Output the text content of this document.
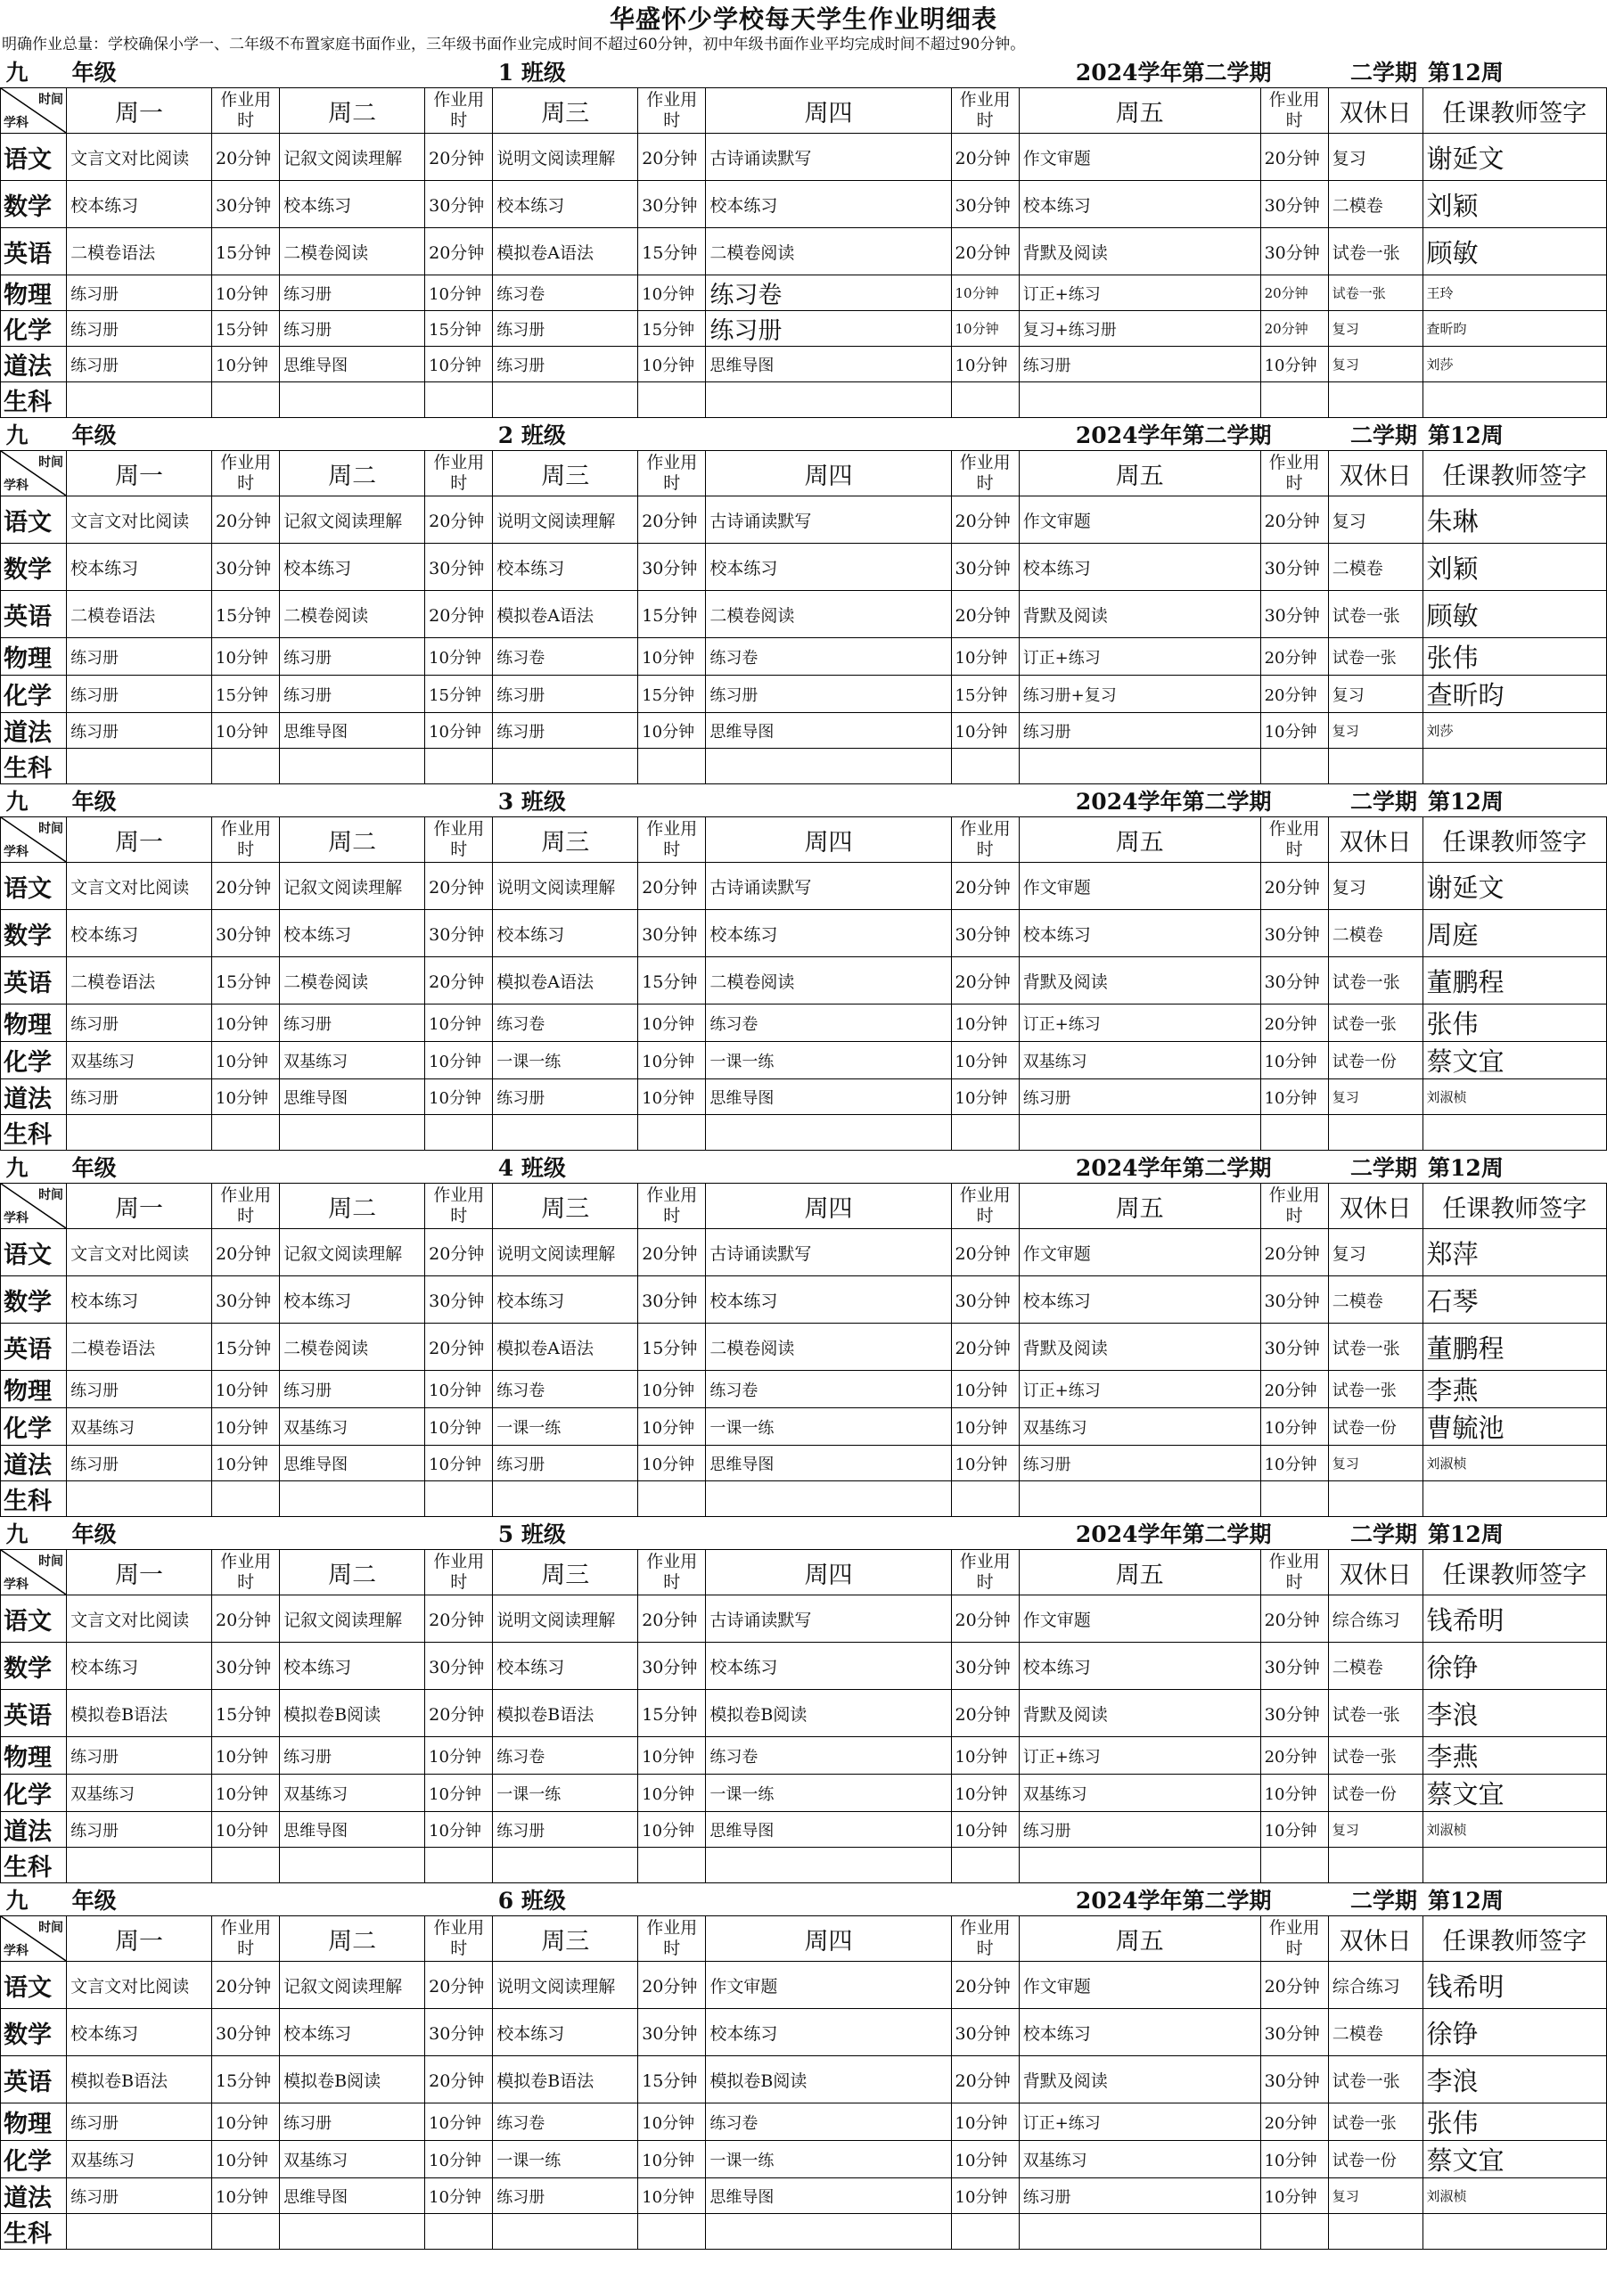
华盛怀少学校每天学生作业明细表
明确作业总量：学校确保小学一、二年级不布置家庭书面作业，三年级书面作业完成时间不超过60分钟，初中年级书面作业平均完成时间不超过90分钟。
九	年级				1 班级				2024学年第二学期		二学期	第12周

时间
学科	周一	作业用时	周二	作业用时	周三	作业用时	周四	作业用时	周五	作业用时	双休日	任课教师签字
语文	文言文对比阅读	20分钟	记叙文阅读理解	20分钟	说明文阅读理解	20分钟	古诗诵读默写	20分钟	作文审题	20分钟	复习	谢延文
数学	校本练习	30分钟	校本练习	30分钟	校本练习	30分钟	校本练习	30分钟	校本练习	30分钟	二模卷	刘颖
英语	二模卷语法	15分钟	二模卷阅读	20分钟	模拟卷A语法	15分钟	二模卷阅读	20分钟	背默及阅读	30分钟	试卷一张	顾敏
物理	练习册	10分钟	练习册	10分钟	练习卷	10分钟	练习卷	10分钟	订正+练习	20分钟	试卷一张	王玲
化学	练习册	15分钟	练习册	15分钟	练习册	15分钟	练习册	10分钟	复习+练习册	20分钟	复习	查昕昀
道法	练习册	10分钟	思维导图	10分钟	练习册	10分钟	思维导图	10分钟	练习册	10分钟	复习	刘莎
生科												
九	年级				2 班级				2024学年第二学期		二学期	第12周

时间
学科	周一	作业用时	周二	作业用时	周三	作业用时	周四	作业用时	周五	作业用时	双休日	任课教师签字
语文	文言文对比阅读	20分钟	记叙文阅读理解	20分钟	说明文阅读理解	20分钟	古诗诵读默写	20分钟	作文审题	20分钟	复习	朱琳
数学	校本练习	30分钟	校本练习	30分钟	校本练习	30分钟	校本练习	30分钟	校本练习	30分钟	二模卷	刘颖
英语	二模卷语法	15分钟	二模卷阅读	20分钟	模拟卷A语法	15分钟	二模卷阅读	20分钟	背默及阅读	30分钟	试卷一张	顾敏
物理	练习册	10分钟	练习册	10分钟	练习卷	10分钟	练习卷	10分钟	订正+练习	20分钟	试卷一张	张伟
化学	练习册	15分钟	练习册	15分钟	练习册	15分钟	练习册	15分钟	练习册+复习	20分钟	复习	查昕昀
道法	练习册	10分钟	思维导图	10分钟	练习册	10分钟	思维导图	10分钟	练习册	10分钟	复习	刘莎
生科												
九	年级				3 班级				2024学年第二学期		二学期	第12周

时间
学科	周一	作业用时	周二	作业用时	周三	作业用时	周四	作业用时	周五	作业用时	双休日	任课教师签字
语文	文言文对比阅读	20分钟	记叙文阅读理解	20分钟	说明文阅读理解	20分钟	古诗诵读默写	20分钟	作文审题	20分钟	复习	谢延文
数学	校本练习	30分钟	校本练习	30分钟	校本练习	30分钟	校本练习	30分钟	校本练习	30分钟	二模卷	周庭
英语	二模卷语法	15分钟	二模卷阅读	20分钟	模拟卷A语法	15分钟	二模卷阅读	20分钟	背默及阅读	30分钟	试卷一张	董鹏程
物理	练习册	10分钟	练习册	10分钟	练习卷	10分钟	练习卷	10分钟	订正+练习	20分钟	试卷一张	张伟
化学	双基练习	10分钟	双基练习	10分钟	一课一练	10分钟	一课一练	10分钟	双基练习	10分钟	试卷一份	蔡文宜
道法	练习册	10分钟	思维导图	10分钟	练习册	10分钟	思维导图	10分钟	练习册	10分钟	复习	刘淑桢
生科												
九	年级				4 班级				2024学年第二学期		二学期	第12周

时间
学科	周一	作业用时	周二	作业用时	周三	作业用时	周四	作业用时	周五	作业用时	双休日	任课教师签字
语文	文言文对比阅读	20分钟	记叙文阅读理解	20分钟	说明文阅读理解	20分钟	古诗诵读默写	20分钟	作文审题	20分钟	复习	郑萍
数学	校本练习	30分钟	校本练习	30分钟	校本练习	30分钟	校本练习	30分钟	校本练习	30分钟	二模卷	石琴
英语	二模卷语法	15分钟	二模卷阅读	20分钟	模拟卷A语法	15分钟	二模卷阅读	20分钟	背默及阅读	30分钟	试卷一张	董鹏程
物理	练习册	10分钟	练习册	10分钟	练习卷	10分钟	练习卷	10分钟	订正+练习	20分钟	试卷一张	李燕
化学	双基练习	10分钟	双基练习	10分钟	一课一练	10分钟	一课一练	10分钟	双基练习	10分钟	试卷一份	曹毓池
道法	练习册	10分钟	思维导图	10分钟	练习册	10分钟	思维导图	10分钟	练习册	10分钟	复习	刘淑桢
生科												
九	年级				5 班级				2024学年第二学期		二学期	第12周

时间
学科	周一	作业用时	周二	作业用时	周三	作业用时	周四	作业用时	周五	作业用时	双休日	任课教师签字
语文	文言文对比阅读	20分钟	记叙文阅读理解	20分钟	说明文阅读理解	20分钟	古诗诵读默写	20分钟	作文审题	20分钟	综合练习	钱希明
数学	校本练习	30分钟	校本练习	30分钟	校本练习	30分钟	校本练习	30分钟	校本练习	30分钟	二模卷	徐铮
英语	模拟卷B语法	15分钟	模拟卷B阅读	20分钟	模拟卷B语法	15分钟	模拟卷B阅读	20分钟	背默及阅读	30分钟	试卷一张	李浪
物理	练习册	10分钟	练习册	10分钟	练习卷	10分钟	练习卷	10分钟	订正+练习	20分钟	试卷一张	李燕
化学	双基练习	10分钟	双基练习	10分钟	一课一练	10分钟	一课一练	10分钟	双基练习	10分钟	试卷一份	蔡文宜
道法	练习册	10分钟	思维导图	10分钟	练习册	10分钟	思维导图	10分钟	练习册	10分钟	复习	刘淑桢
生科												
九	年级				6 班级				2024学年第二学期		二学期	第12周

时间
学科	周一	作业用时	周二	作业用时	周三	作业用时	周四	作业用时	周五	作业用时	双休日	任课教师签字
语文	文言文对比阅读	20分钟	记叙文阅读理解	20分钟	说明文阅读理解	20分钟	作文审题	20分钟	作文审题	20分钟	综合练习	钱希明
数学	校本练习	30分钟	校本练习	30分钟	校本练习	30分钟	校本练习	30分钟	校本练习	30分钟	二模卷	徐铮
英语	模拟卷B语法	15分钟	模拟卷B阅读	20分钟	模拟卷B语法	15分钟	模拟卷B阅读	20分钟	背默及阅读	30分钟	试卷一张	李浪
物理	练习册	10分钟	练习册	10分钟	练习卷	10分钟	练习卷	10分钟	订正+练习	20分钟	试卷一张	张伟
化学	双基练习	10分钟	双基练习	10分钟	一课一练	10分钟	一课一练	10分钟	双基练习	10分钟	试卷一份	蔡文宜
道法	练习册	10分钟	思维导图	10分钟	练习册	10分钟	思维导图	10分钟	练习册	10分钟	复习	刘淑桢
生科												
